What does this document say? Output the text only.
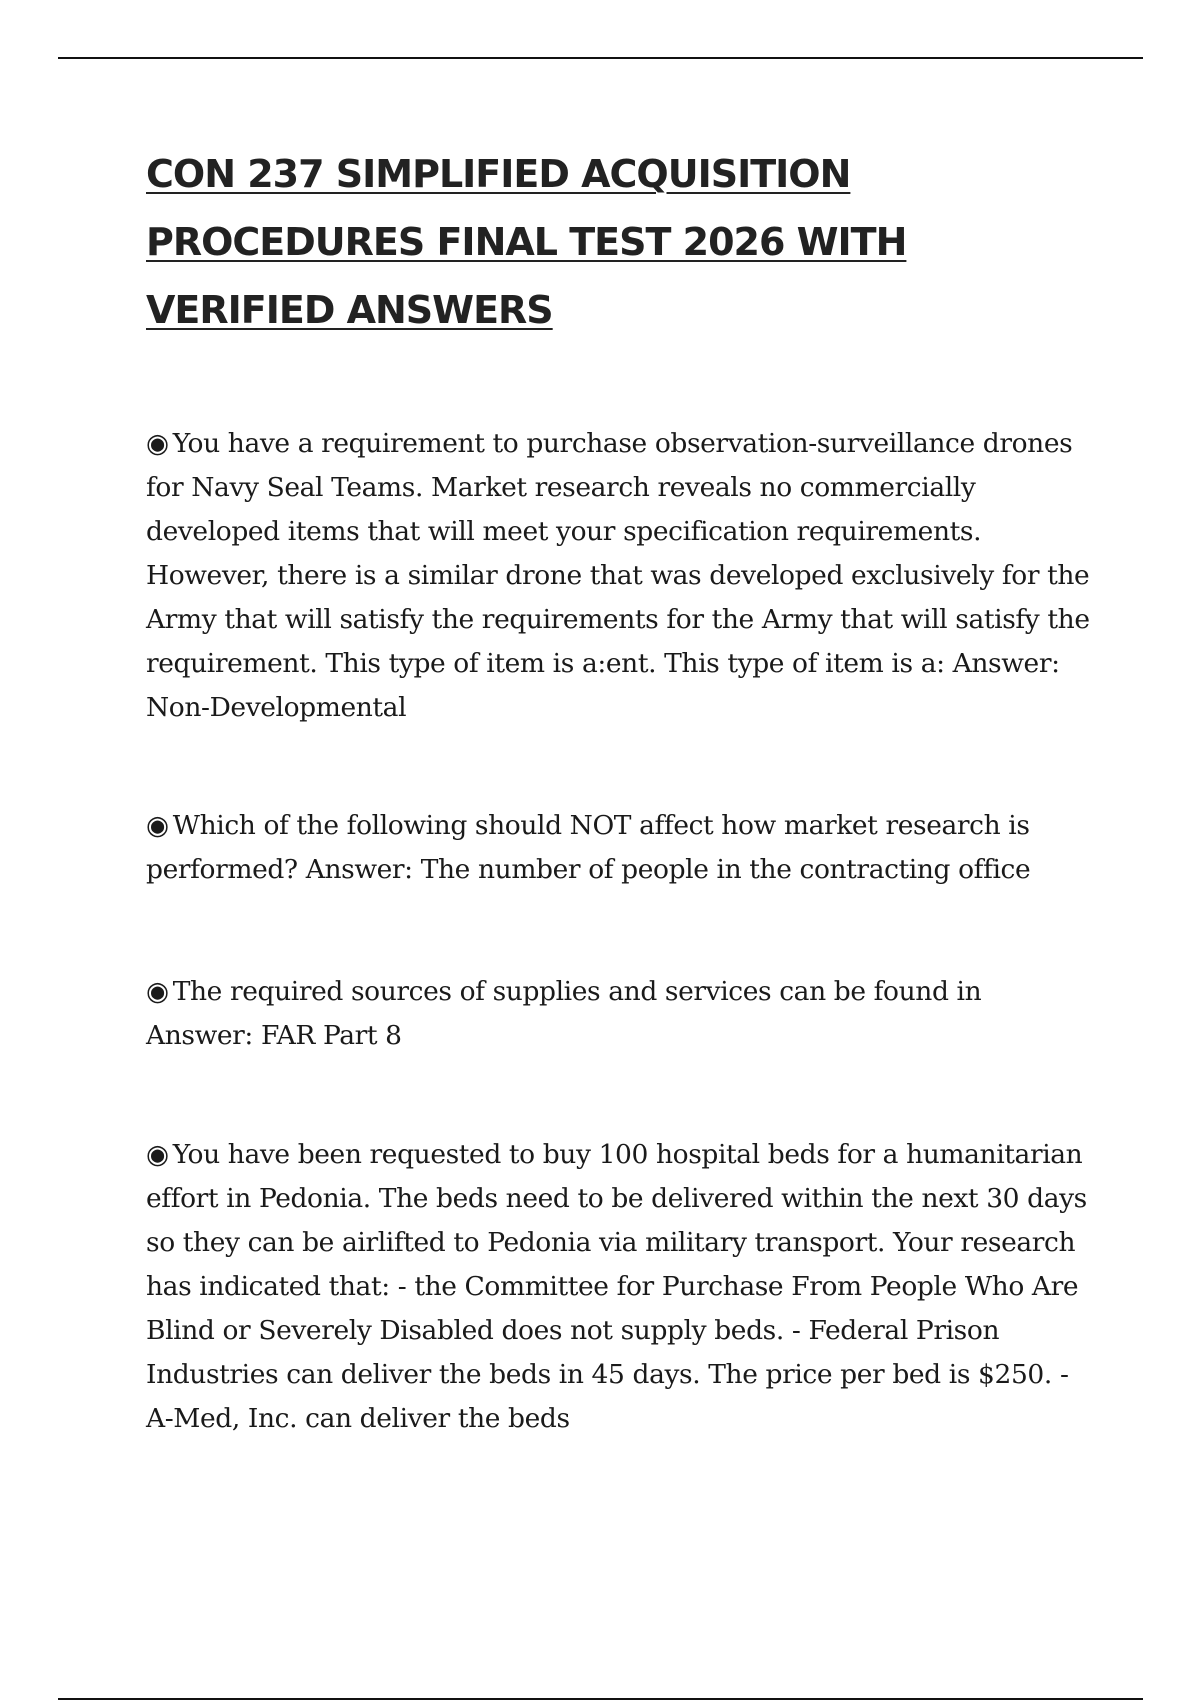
CON 237 SIMPLIFIED ACQUISITION PROCEDURES FINAL TEST 2026 WITH VERIFIED ANSWERS

◉ You have a requirement to purchase observation-surveillance drones for Navy Seal Teams. Market research reveals no commercially developed items that will meet your specification requirements. However, there is a similar drone that was developed exclusively for the Army that will satisfy the requirements for the Army that will satisfy the requirement. This type of item is a:ent. This type of item is a: Answer: Non-Developmental

◉ Which of the following should NOT affect how market research is performed? Answer: The number of people in the contracting office

◉ The required sources of supplies and services can be found in Answer: FAR Part 8

◉ You have been requested to buy 100 hospital beds for a humanitarian effort in Pedonia. The beds need to be delivered within the next 30 days so they can be airlifted to Pedonia via military transport. Your research has indicated that: - the Committee for Purchase From People Who Are Blind or Severely Disabled does not supply beds. - Federal Prison Industries can deliver the beds in 45 days. The price per bed is $250. - A-Med, Inc. can deliver the beds
